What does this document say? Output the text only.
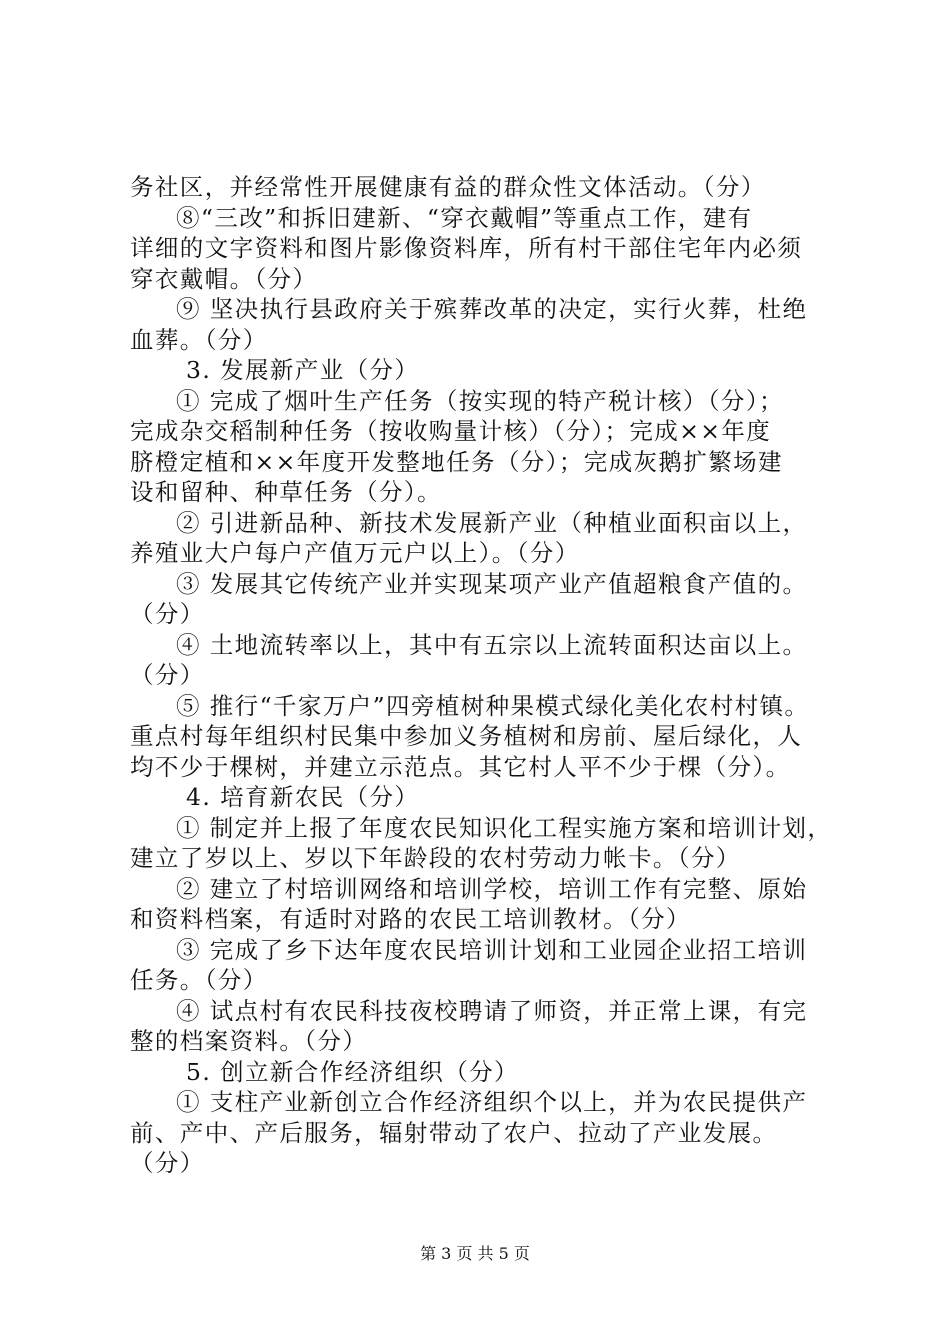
务社区，并经常性开展健康有益的群众性文体活动。（分）
⑧“三改”和拆旧建新、“穿衣戴帽”等重点工作，建有
详细的文字资料和图片影像资料库，所有村干部住宅年内必须
穿衣戴帽。（分）
⑨ 坚决执行县政府关于殡葬改革的决定，实行火葬，杜绝
血葬。（分）
3. 发展新产业（分）
① 完成了烟叶生产任务（按实现的特产税计核）（分）；
完成杂交稻制种任务（按收购量计核）（分）；完成××年度
脐橙定植和××年度开发整地任务（分）；完成灰鹅扩繁场建
设和留种、种草任务（分）。
② 引进新品种、新技术发展新产业（种植业面积亩以上，
养殖业大户每户产值万元户以上）。（分）
③ 发展其它传统产业并实现某项产业产值超粮食产值的。
（分）
④ 土地流转率以上，其中有五宗以上流转面积达亩以上。
（分）
⑤ 推行“千家万户”四旁植树种果模式绿化美化农村村镇。
重点村每年组织村民集中参加义务植树和房前、屋后绿化，人
均不少于棵树，并建立示范点。其它村人平不少于棵（分）。
4. 培育新农民（分）
① 制定并上报了年度农民知识化工程实施方案和培训计划，
建立了岁以上、岁以下年龄段的农村劳动力帐卡。（分）
② 建立了村培训网络和培训学校，培训工作有完整、原始
和资料档案，有适时对路的农民工培训教材。（分）
③ 完成了乡下达年度农民培训计划和工业园企业招工培训
任务。（分）
④ 试点村有农民科技夜校聘请了师资，并正常上课，有完
整的档案资料。（分）
5. 创立新合作经济组织（分）
① 支柱产业新创立合作经济组织个以上，并为农民提供产
前、产中、产后服务，辐射带动了农户、拉动了产业发展。
（分）
第 3 页 共 5 页
